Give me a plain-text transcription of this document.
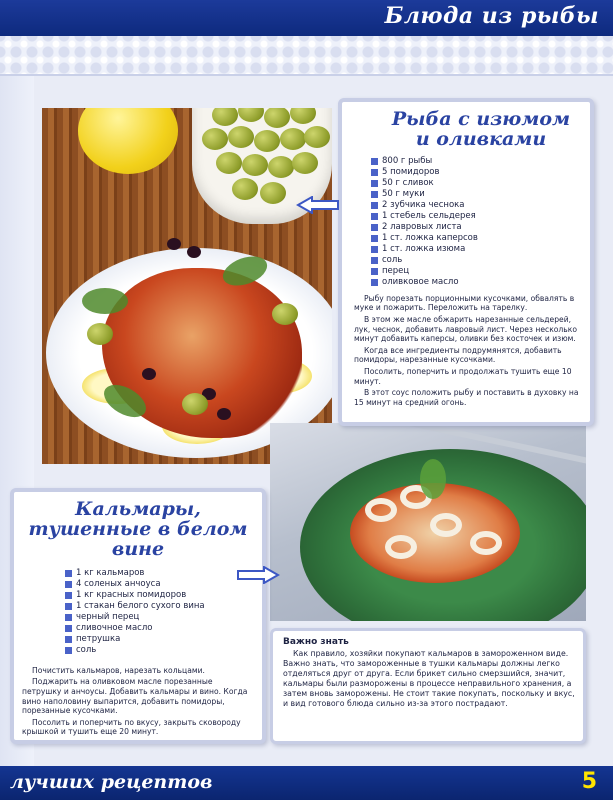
Блюда из рыбы
Рыба с изюмом
и оливками
800 г рыбы
5 помидоров
50 г сливок
50 г муки
2 зубчика чеснока
1 стебель сельдерея
2 лавровых листа
1 ст. ложка каперсов
1 ст. ложка изюма
соль
перец
оливковое масло

Рыбу порезать порционными кусочками, обвалять в муке и пожарить. Переложить на тарелку.

В этом же масле обжарить нарезанные сельдерей, лук, чеснок, добавить лавровый лист. Через несколько минут добавить каперсы, оливки без косточек и изюм.

Когда все ингредиенты подрумянятся, добавить помидоры, нарезанные кусочками.

Посолить, поперчить и продолжать тушить еще 10 минут.

В этот соус положить рыбу и поставить в духовку на 15 минут на средний огонь.

Кальмары,
тушенные в белом вине
1 кг кальмаров
4 соленых анчоуса
1 кг красных помидоров
1 стакан белого сухого вина
черный перец
сливочное масло
петрушка
соль

Почистить кальмаров, нарезать кольцами.

Поджарить на оливковом масле порезанные петрушку и анчоусы. Добавить кальмары и вино. Когда вино наполовину выпарится, добавить помидоры, порезанные кусочками.

Посолить и поперчить по вкусу, закрыть сковороду крышкой и тушить еще 20 минут.

Важно знать

Как правило, хозяйки покупают кальмаров в замороженном виде. Важно знать, что замороженные в тушки кальмары должны легко отделяться друг от друга. Если брикет сильно смерзшийся, значит, кальмары были разморожены в процессе неправильного хранения, а затем вновь заморожены. Не стоит такие покупать, поскольку и вкус, и вид готового блюда сильно из-за этого пострадают.

лучших рецептов	5
